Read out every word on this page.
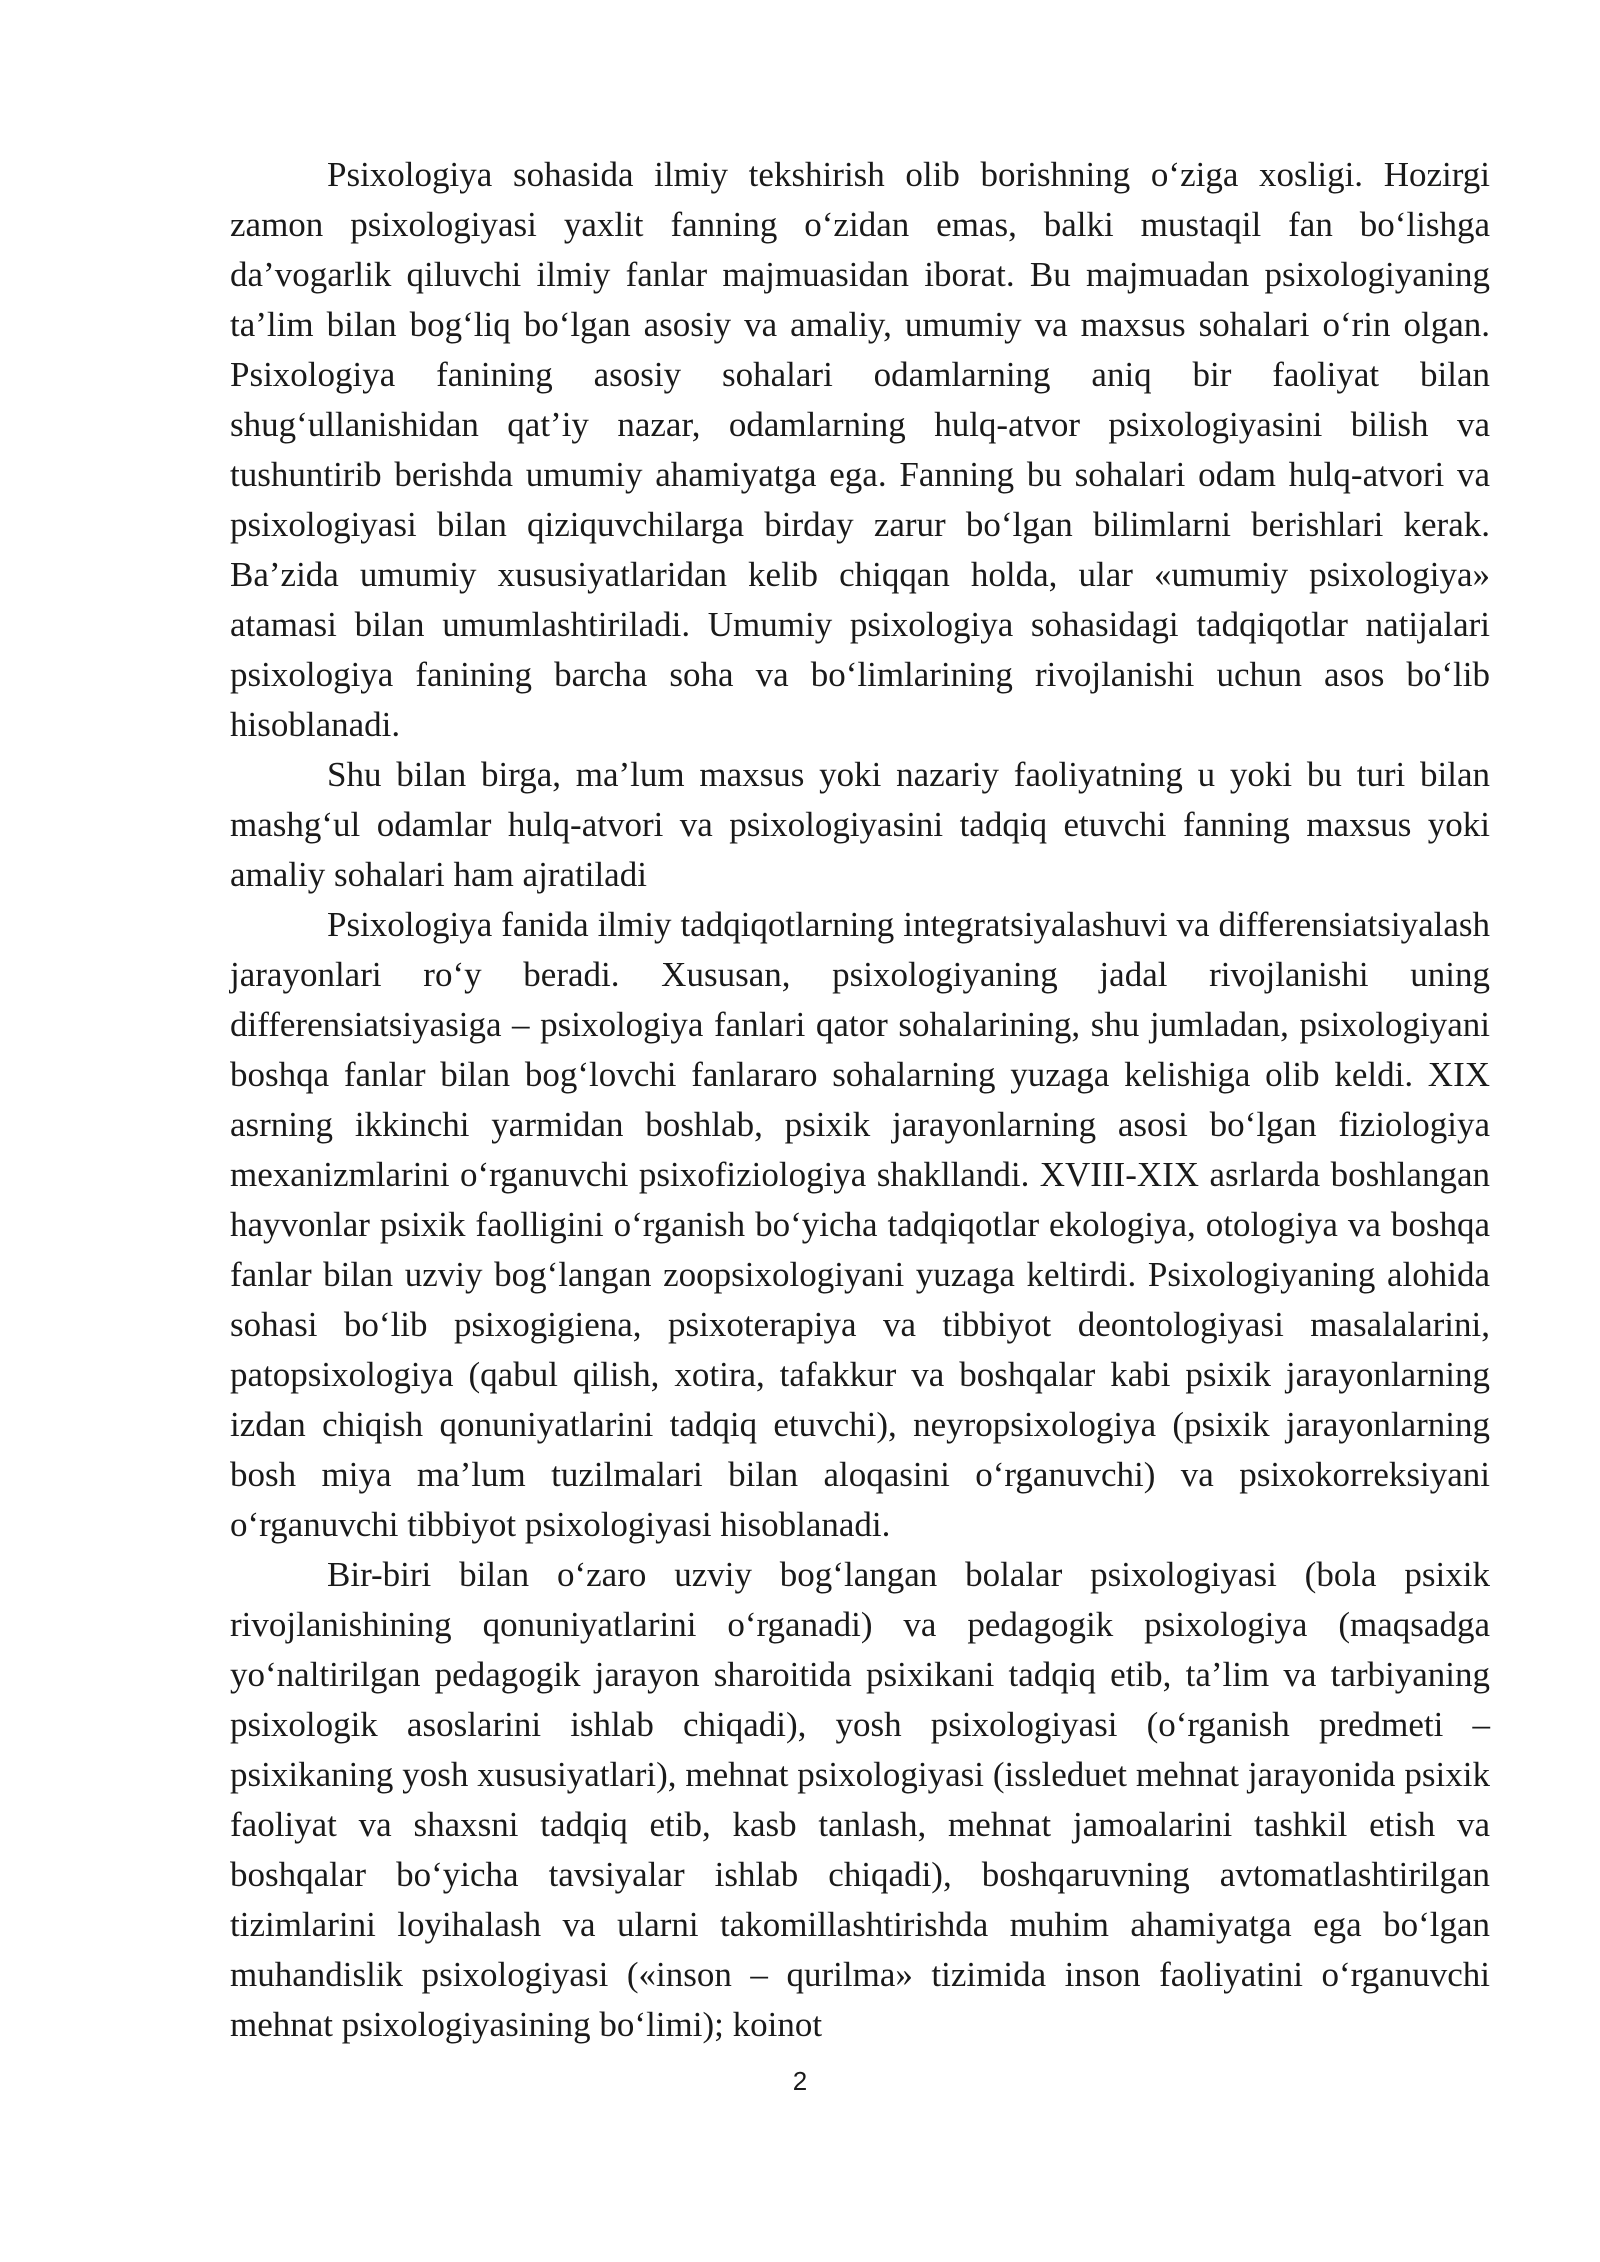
Psixologiya sohasida ilmiy tekshirish olib borishning o‘ziga xosligi. Hozirgi zamon psixologiyasi yaxlit fanning o‘zidan emas, balki mustaqil fan bo‘lishga da’vogarlik qiluvchi ilmiy fanlar majmuasidan iborat. Bu majmuadan psixologiyaning ta’lim bilan bog‘liq bo‘lgan asosiy va amaliy, umumiy va maxsus sohalari o‘rin olgan. Psixologiya fanining asosiy sohalari odamlarning aniq bir faoliyat bilan shug‘ullanishidan qat’iy nazar, odamlarning hulq-atvor psixologiyasini bilish va tushuntirib berishda umumiy ahamiyatga ega. Fanning bu sohalari odam hulq-atvori va psixologiyasi bilan qiziquvchilarga birday zarur bo‘lgan bilimlarni berishlari kerak. Ba’zida umumiy xususiyatlaridan kelib chiqqan holda, ular «umumiy psixologiya» atamasi bilan umumlashtiriladi. Umumiy psixologiya sohasidagi tadqiqotlar natijalari psixologiya fanining barcha soha va bo‘limlarining rivojlanishi uchun asos bo‘lib hisoblanadi.

Shu bilan birga, ma’lum maxsus yoki nazariy faoliyatning u yoki bu turi bilan mashg‘ul odamlar hulq-atvori va psixologiyasini tadqiq etuvchi fanning maxsus yoki amaliy sohalari ham ajratiladi

Psixologiya fanida ilmiy tadqiqotlarning integratsiyalashuvi va differensiatsiyalash jarayonlari ro‘y beradi. Xususan, psixologiyaning jadal rivojlanishi uning differensiatsiyasiga – psixologiya fanlari qator sohalarining, shu jumladan, psixologiyani boshqa fanlar bilan bog‘lovchi fanlararo sohalarning yuzaga kelishiga olib keldi. XIX asrning ikkinchi yarmidan boshlab, psixik jarayonlarning asosi bo‘lgan fiziologiya mexanizmlarini o‘rganuvchi psixofiziologiya shakllandi. XVIII-XIX asrlarda boshlangan hayvonlar psixik faolligini o‘rganish bo‘yicha tadqiqotlar ekologiya, otologiya va boshqa fanlar bilan uzviy bog‘langan zoopsixologiyani yuzaga keltirdi. Psixologiyaning alohida sohasi bo‘lib psixogigiena, psixoterapiya va tibbiyot deontologiyasi masalalarini, patopsixologiya (qabul qilish, xotira, tafakkur va boshqalar kabi psixik jarayonlarning izdan chiqish qonuniyatlarini tadqiq etuvchi), neyropsixologiya (psixik jarayonlarning bosh miya ma’lum tuzilmalari bilan aloqasini o‘rganuvchi) va psixokorreksiyani o‘rganuvchi tibbiyot psixologiyasi hisoblanadi.

Bir-biri bilan o‘zaro uzviy bog‘langan bolalar psixologiyasi (bola psixik rivojlanishining qonuniyatlarini o‘rganadi) va pedagogik psixologiya (maqsadga yo‘naltirilgan pedagogik jarayon sharoitida psixikani tadqiq etib, ta’lim va tarbiyaning psixologik asoslarini ishlab chiqadi), yosh psixologiyasi (o‘rganish predmeti – psixikaning yosh xususiyatlari), mehnat psixologiyasi (issleduet mehnat jarayonida psixik faoliyat va shaxsni tadqiq etib, kasb tanlash, mehnat jamoalarini tashkil etish va boshqalar bo‘yicha tavsiyalar ishlab chiqadi), boshqaruvning avtomatlashtirilgan tizimlarini loyihalash va ularni takomillashtirishda muhim ahamiyatga ega bo‘lgan muhandislik psixologiyasi («inson – qurilma» tizimida inson faoliyatini o‘rganuvchi mehnat psixologiyasining bo‘limi); koinot

2
